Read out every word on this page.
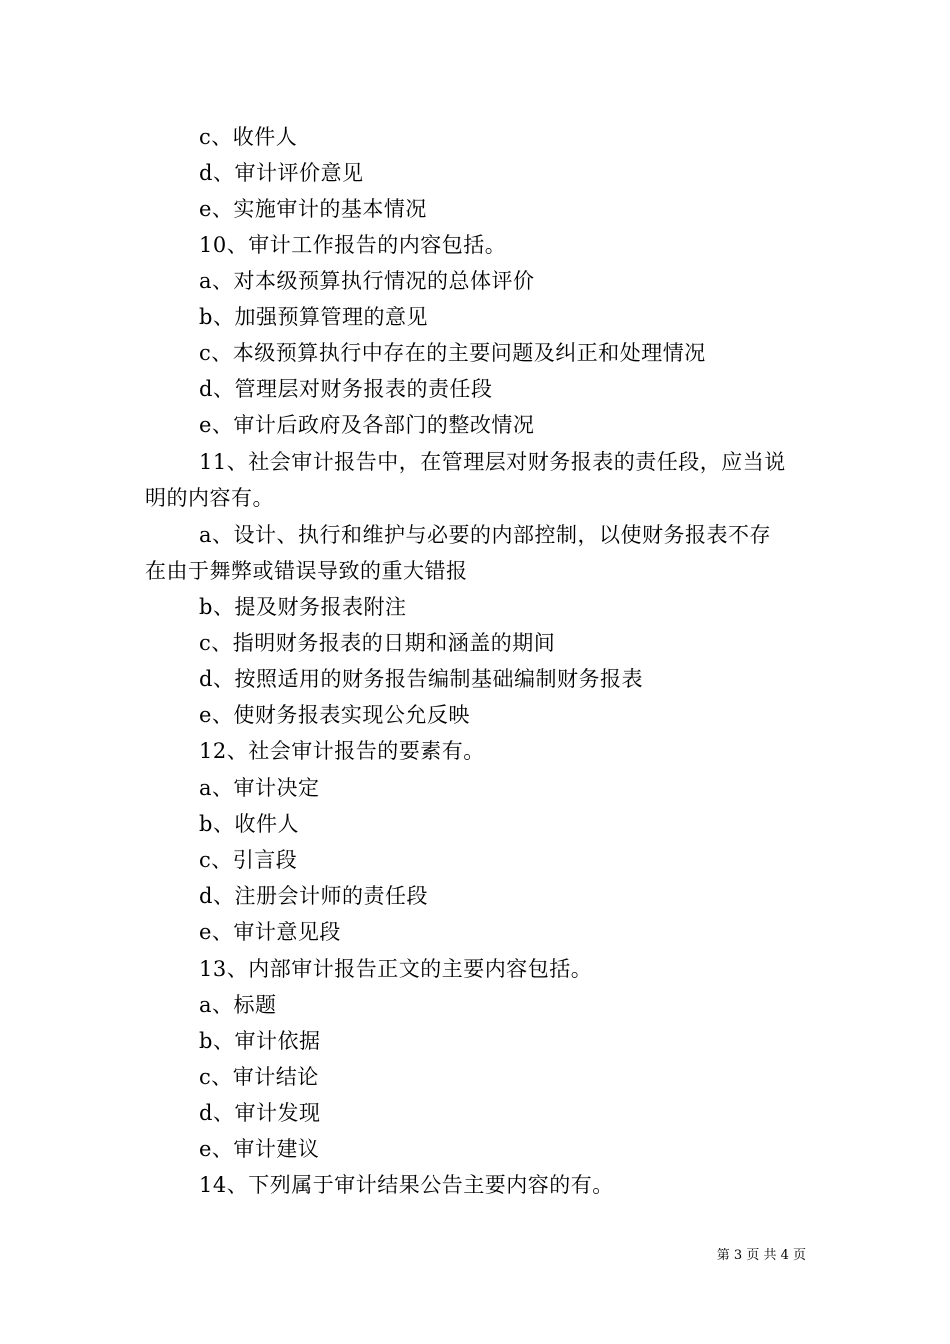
c、收件人
d、审计评价意见
e、实施审计的基本情况
10、审计工作报告的内容包括。
a、对本级预算执行情况的总体评价
b、加强预算管理的意见
c、本级预算执行中存在的主要问题及纠正和处理情况
d、管理层对财务报表的责任段
e、审计后政府及各部门的整改情况
11、社会审计报告中，在管理层对财务报表的责任段，应当说
明的内容有。
a、设计、执行和维护与必要的内部控制，以使财务报表不存
在由于舞弊或错误导致的重大错报
b、提及财务报表附注
c、指明财务报表的日期和涵盖的期间
d、按照适用的财务报告编制基础编制财务报表
e、使财务报表实现公允反映
12、社会审计报告的要素有。
a、审计决定
b、收件人
c、引言段
d、注册会计师的责任段
e、审计意见段
13、内部审计报告正文的主要内容包括。
a、标题
b、审计依据
c、审计结论
d、审计发现
e、审计建议
14、下列属于审计结果公告主要内容的有。
第 3 页 共 4 页
